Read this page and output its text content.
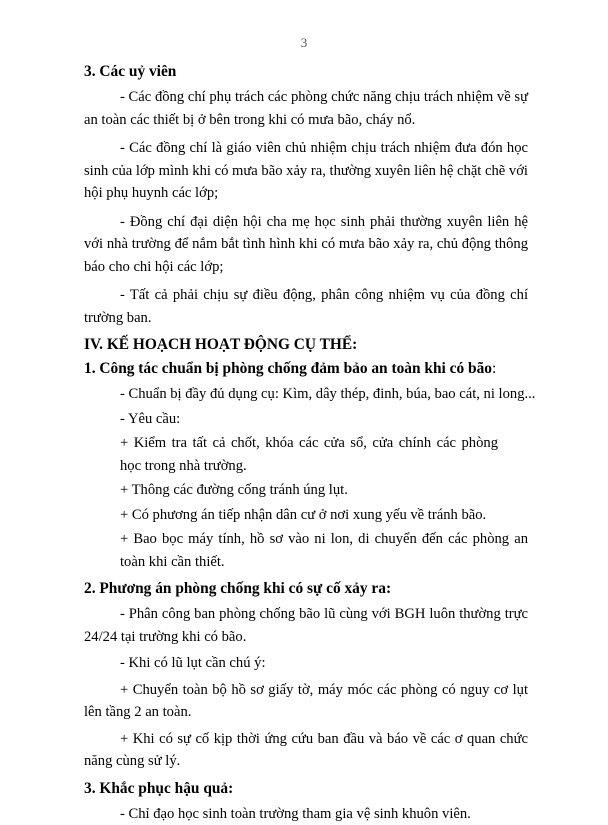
3

3. Các uỷ viên

- Các đồng chí phụ trách các phòng chức năng chịu trách nhiệm về sự an toàn các thiết bị ở bên trong khi có mưa bão, cháy nổ.

- Các đồng chí là giáo viên chủ nhiệm chịu trách nhiệm đưa đón học sinh của lớp mình khi có mưa bão xảy ra, thường xuyên liên hệ chặt chẽ với hội phụ huynh các lớp;

- Đồng chí đại diện hội cha mẹ học sinh phải thường xuyên liên hệ với nhà trường để nắm bắt tình hình khi có mưa bão xảy ra, chủ động thông báo cho chi hội các lớp;

- Tất cả phải chịu sự điều động, phân công nhiệm vụ của đồng chí trường ban.

IV. KẾ HOẠCH HOẠT ĐỘNG CỤ THỂ:

1. Công tác chuẩn bị phòng chống đảm bảo an toàn khi có bão:

- Chuẩn bị đầy đủ dụng cụ: Kìm, dây thép, đinh, búa, bao cát, ni long...

- Yêu cầu:

+ Kiểm tra tất cả chốt, khóa các cửa sổ, cửa chính các phòng học trong nhà trường.

+ Thông các đường cống tránh úng lụt.

+ Có phương án tiếp nhận dân cư ở nơi xung yếu về tránh bão.

+ Bao bọc máy tính, hồ sơ vào ni lon, di chuyển đến các phòng an toàn khi cần thiết.

2. Phương án phòng chống khi có sự cố xảy ra:

- Phân công ban phòng chống bão lũ cùng với BGH luôn thường trực 24/24 tại trường khi có bão.

- Khi có lũ lụt cần chú ý:

+ Chuyển toàn bộ hồ sơ giấy tờ, máy móc các phòng có nguy cơ lụt lên tầng 2 an toàn.

+ Khi có sự cố kịp thời ứng cứu ban đầu và báo về các ơ quan chức năng cùng sử lý.

3. Khắc phục hậu quả:

- Chỉ đạo học sinh toàn trường tham gia vệ sinh khuôn viên.
